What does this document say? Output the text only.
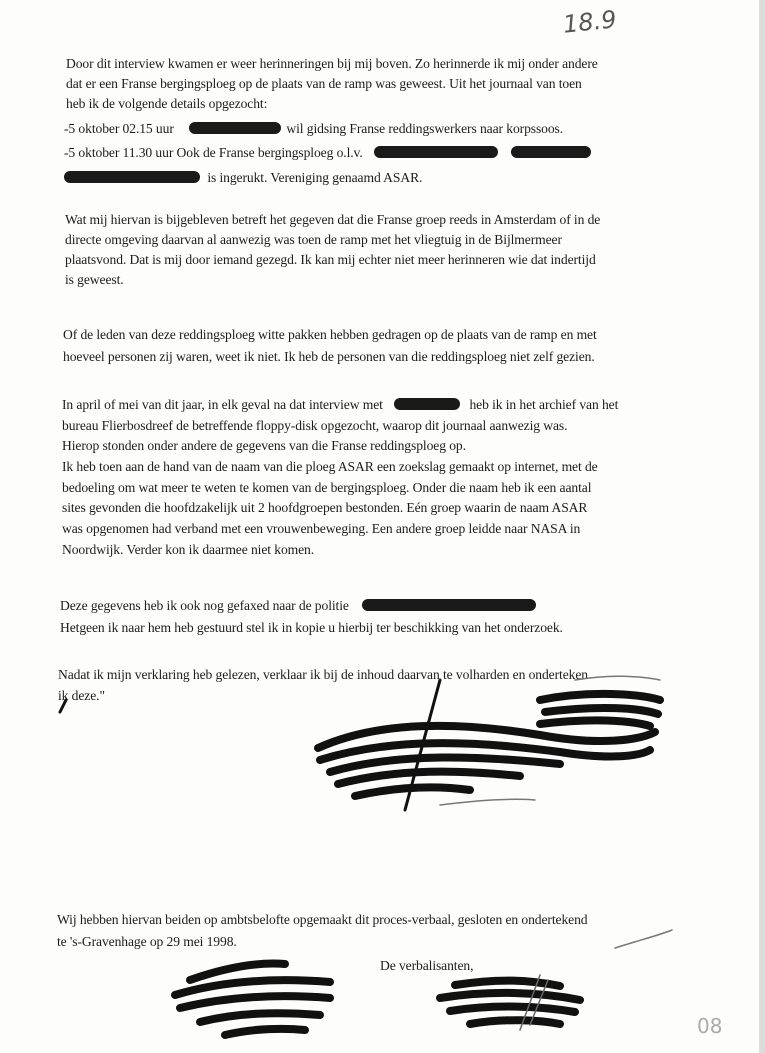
18.9
Door dit interview kwamen er weer herinneringen bij mij boven. Zo herinnerde ik mij onder andere
dat er een Franse bergingsploeg op de plaats van de ramp was geweest. Uit het journaal van toen
heb ik de volgende details opgezocht:
-5 oktober 02.15 uur	wil gidsing Franse reddingswerkers naar korpssoos.
-5 oktober 11.30 uur Ook de Franse bergingsploeg o.l.v.
is ingerukt. Vereniging genaamd ASAR.
Wat mij hiervan is bijgebleven betreft het gegeven dat die Franse groep reeds in Amsterdam of in de
directe omgeving daarvan al aanwezig was toen de ramp met het vliegtuig in de Bijlmermeer
plaatsvond. Dat is mij door iemand gezegd. Ik kan mij echter niet meer herinneren wie dat indertijd
is geweest.
Of de leden van deze reddingsploeg witte pakken hebben gedragen op de plaats van de ramp en met
hoeveel personen zij waren, weet ik niet. Ik heb de personen van die reddingsploeg niet zelf gezien.
In april of mei van dit jaar, in elk geval na dat interview met	heb ik in het archief van het
bureau Flierbosdreef de betreffende floppy-disk opgezocht, waarop dit journaal aanwezig was.
Hierop stonden onder andere de gegevens van die Franse reddingsploeg op.
Ik heb toen aan de hand van de naam van die ploeg ASAR een zoekslag gemaakt op internet, met de
bedoeling om wat meer te weten te komen van de bergingsploeg. Onder die naam heb ik een aantal
sites gevonden die hoofdzakelijk uit 2 hoofdgroepen bestonden. Eén groep waarin de naam ASAR
was opgenomen had verband met een vrouwenbeweging. Een andere groep leidde naar NASA in
Noordwijk. Verder kon ik daarmee niet komen.
Deze gegevens heb ik ook nog gefaxed naar de politie
Hetgeen ik naar hem heb gestuurd stel ik in kopie u hierbij ter beschikking van het onderzoek.
Nadat ik mijn verklaring heb gelezen, verklaar ik bij de inhoud daarvan te volharden en onderteken
ik deze."
Wij hebben hiervan beiden op ambtsbelofte opgemaakt dit proces-verbaal, gesloten en ondertekend
te 's-Gravenhage op 29 mei 1998.
De verbalisanten,
08
